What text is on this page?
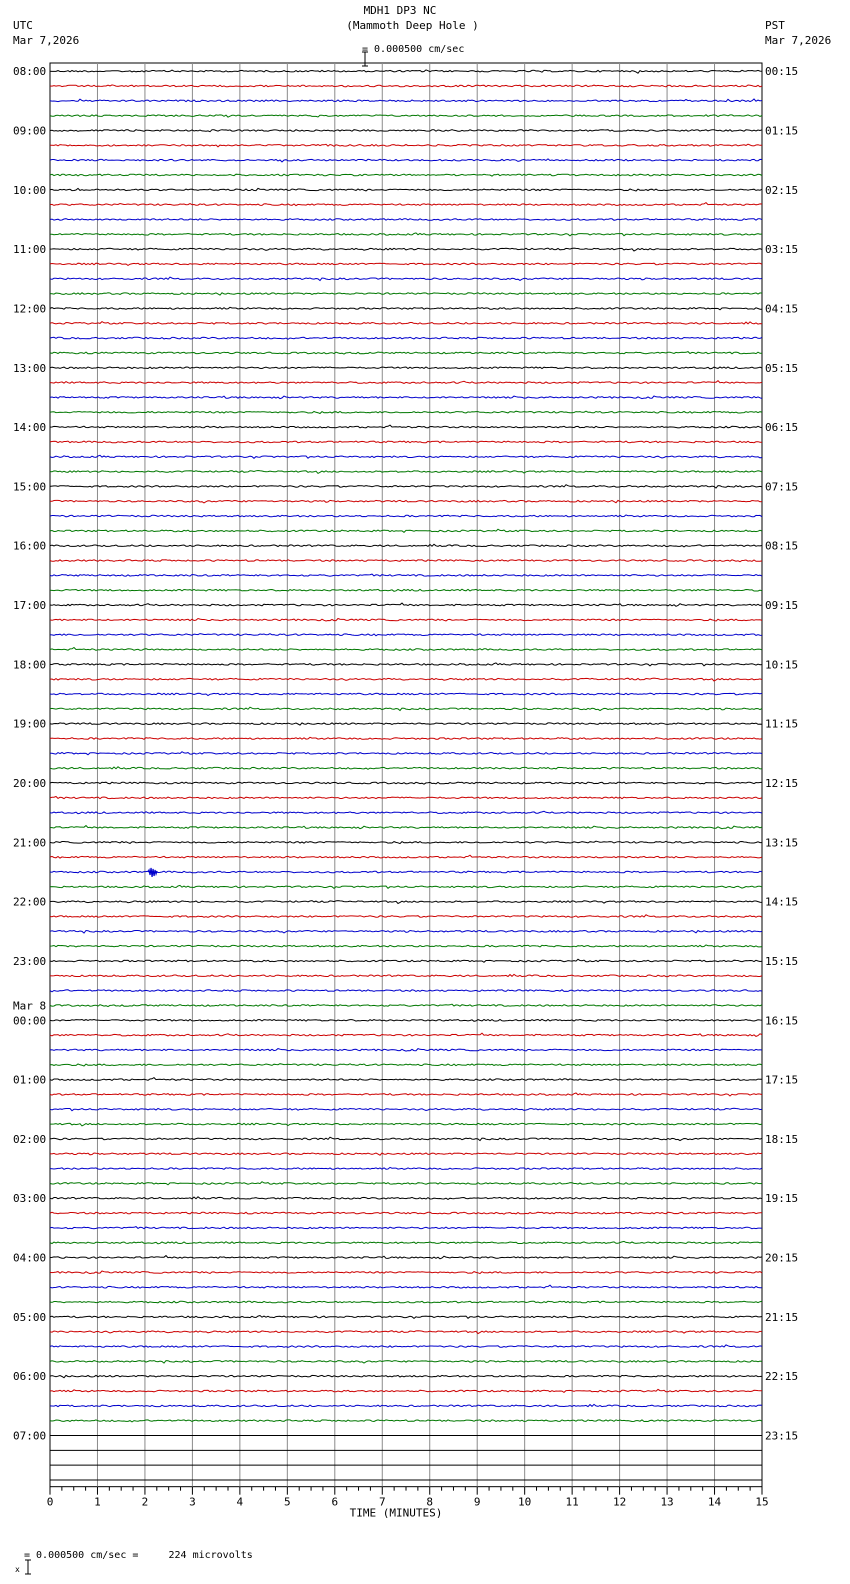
MDH1 DP3 NC
(Mammoth Deep Hole )

= 0.000500 cm/sec
UTC
Mar 7,2026
PST
Mar 7,2026
0	1	2	3	4	5	6	7	8	9	10	11	12	13	14	15
TIME (MINUTES)
08:00
09:00
10:00
11:00
12:00
13:00
14:00
15:00
16:00
17:00
18:00
19:00
20:00
21:00
22:00
23:00
00:00
Mar 8
01:00
02:00
03:00
04:00
05:00
06:00
07:00
00:15
01:15
02:15
03:15
04:15
05:15
06:15
07:15
08:15
09:15
10:15
11:15
12:15
13:15
14:15
15:15
16:15
17:15
18:15
19:15
20:15
21:15
22:15
23:15

x

= 0.000500 cm/sec =     224 microvolts
